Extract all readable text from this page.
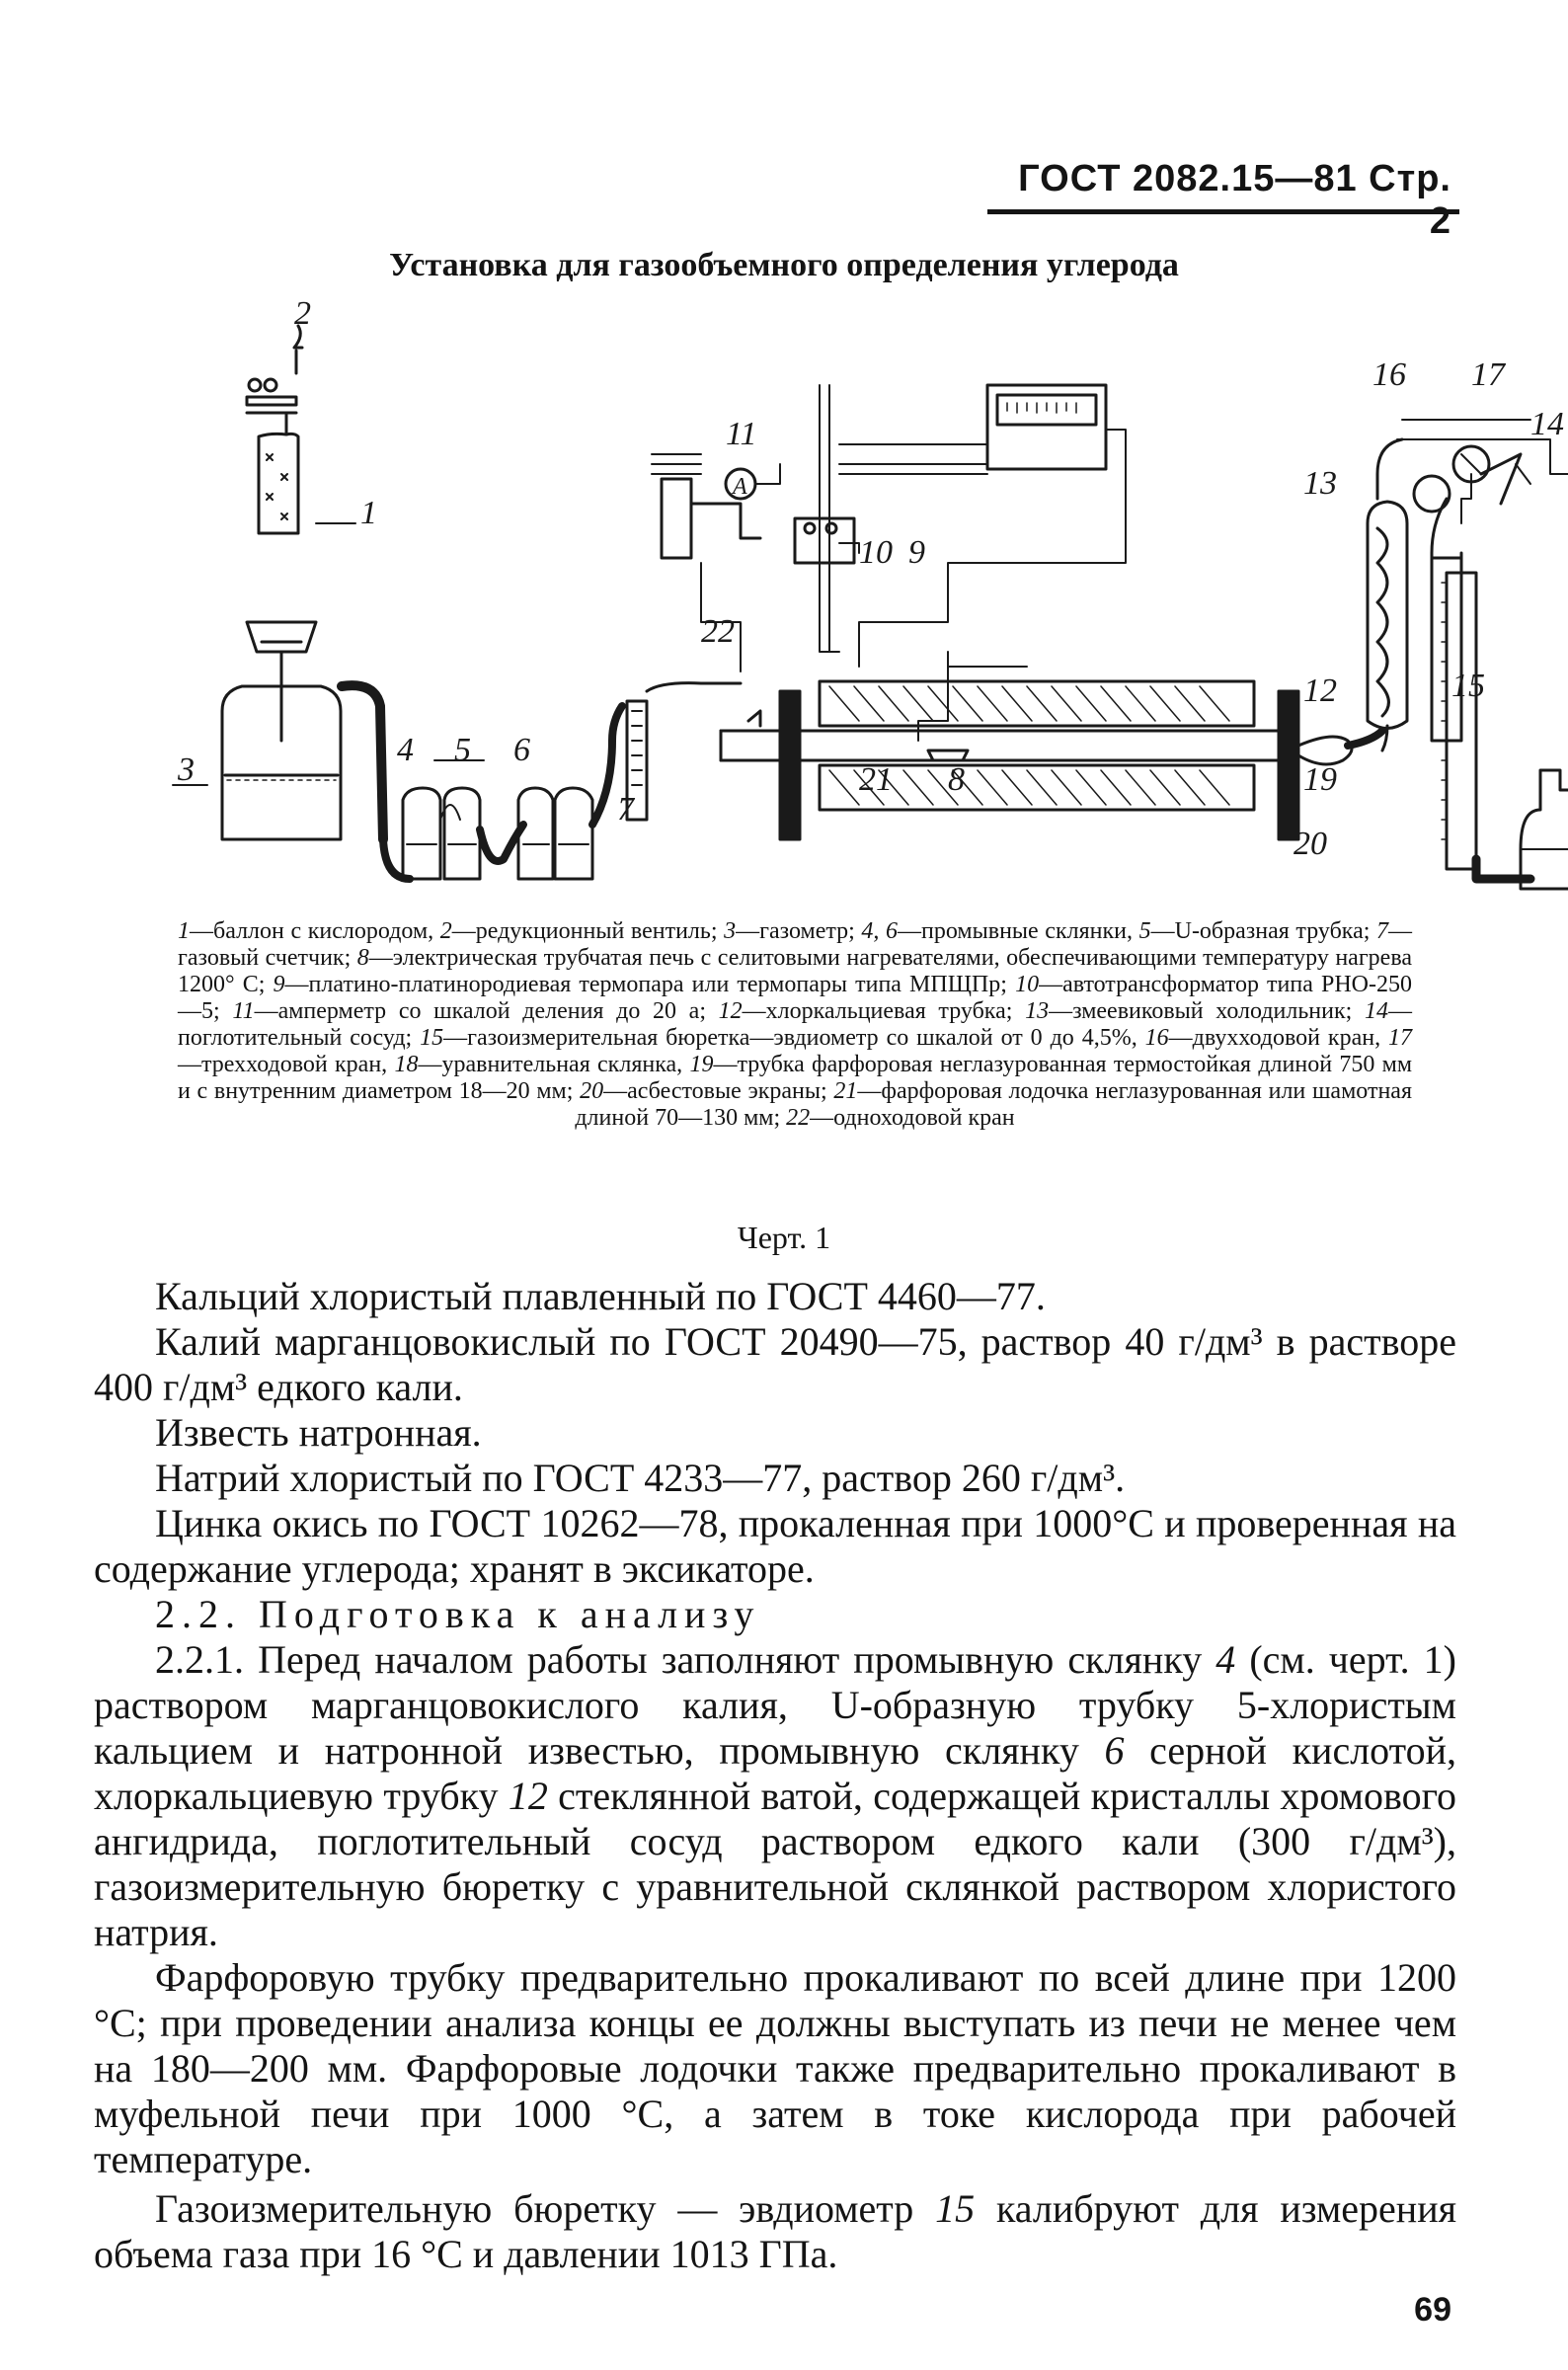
ГОСТ 2082.15—81 Стр. 2
Установка для газообъемного определения углерода
2
1
3
4 5 6
7
22
11
10 9
21 8	19
20
12
13
16 17
14
15
A
1—баллон с кислородом, 2—редукционный вентиль; 3—газометр; 4, 6—промывные склянки, 5—U-образная трубка; 7—газовый счетчик; 8—электрическая трубчатая печь с селитовыми нагревателями, обеспечивающими температуру нагрева 1200° С; 9—платино-платинородиевая термопара или термопары типа МПЩПр; 10—автотрансформатор типа РНО-250—5; 11—амперметр со шкалой деления до 20 а; 12—хлоркальциевая трубка; 13—змеевиковый холодильник; 14—поглотительный сосуд; 15—газоизмерительная бюретка—эвдиометр со шкалой от 0 до 4,5%, 16—двухходовой кран, 17—трехходовой кран, 18—уравнительная склянка, 19—трубка фарфоровая неглазурованная термостойкая длиной 750 мм и с внутренним диаметром 18—20 мм; 20—асбестовые экраны; 21—фарфоровая лодочка неглазурованная или шамотная длиной 70—130 мм; 22—одноходовой кран
Черт. 1

Кальций хлористый плавленный по ГОСТ 4460—77.

Калий марганцовокислый по ГОСТ 20490—75, раствор 40 г/дм³ в растворе 400 г/дм³ едкого кали.

Известь натронная.

Натрий хлористый по ГОСТ 4233—77, раствор 260 г/дм³.

Цинка окись по ГОСТ 10262—78, прокаленная при 1000°С и проверенная на содержание углерода; хранят в эксикаторе.

2.2. Подготовка к анализу

2.2.1. Перед началом работы заполняют промывную склянку 4 (см. черт. 1) раствором марганцовокислого калия, U-образную трубку 5-хлористым кальцием и натронной известью, промывную склянку 6 серной кислотой, хлоркальциевую трубку 12 стеклянной ватой, содержащей кристаллы хромового ангидрида, поглотительный сосуд раствором едкого кали (300 г/дм³), газоизмерительную бюретку с уравнительной склянкой раствором хлористого натрия.

Фарфоровую трубку предварительно прокаливают по всей длине при 1200 °С; при проведении анализа концы ее должны выступать из печи не менее чем на 180—200 мм. Фарфоровые лодочки также предварительно прокаливают в муфельной печи при 1000 °С, а затем в токе кислорода при рабочей температуре.

Газоизмерительную бюретку — эвдиометр 15 калибруют для измерения объема газа при 16 °С и давлении 1013 ГПа.

69
